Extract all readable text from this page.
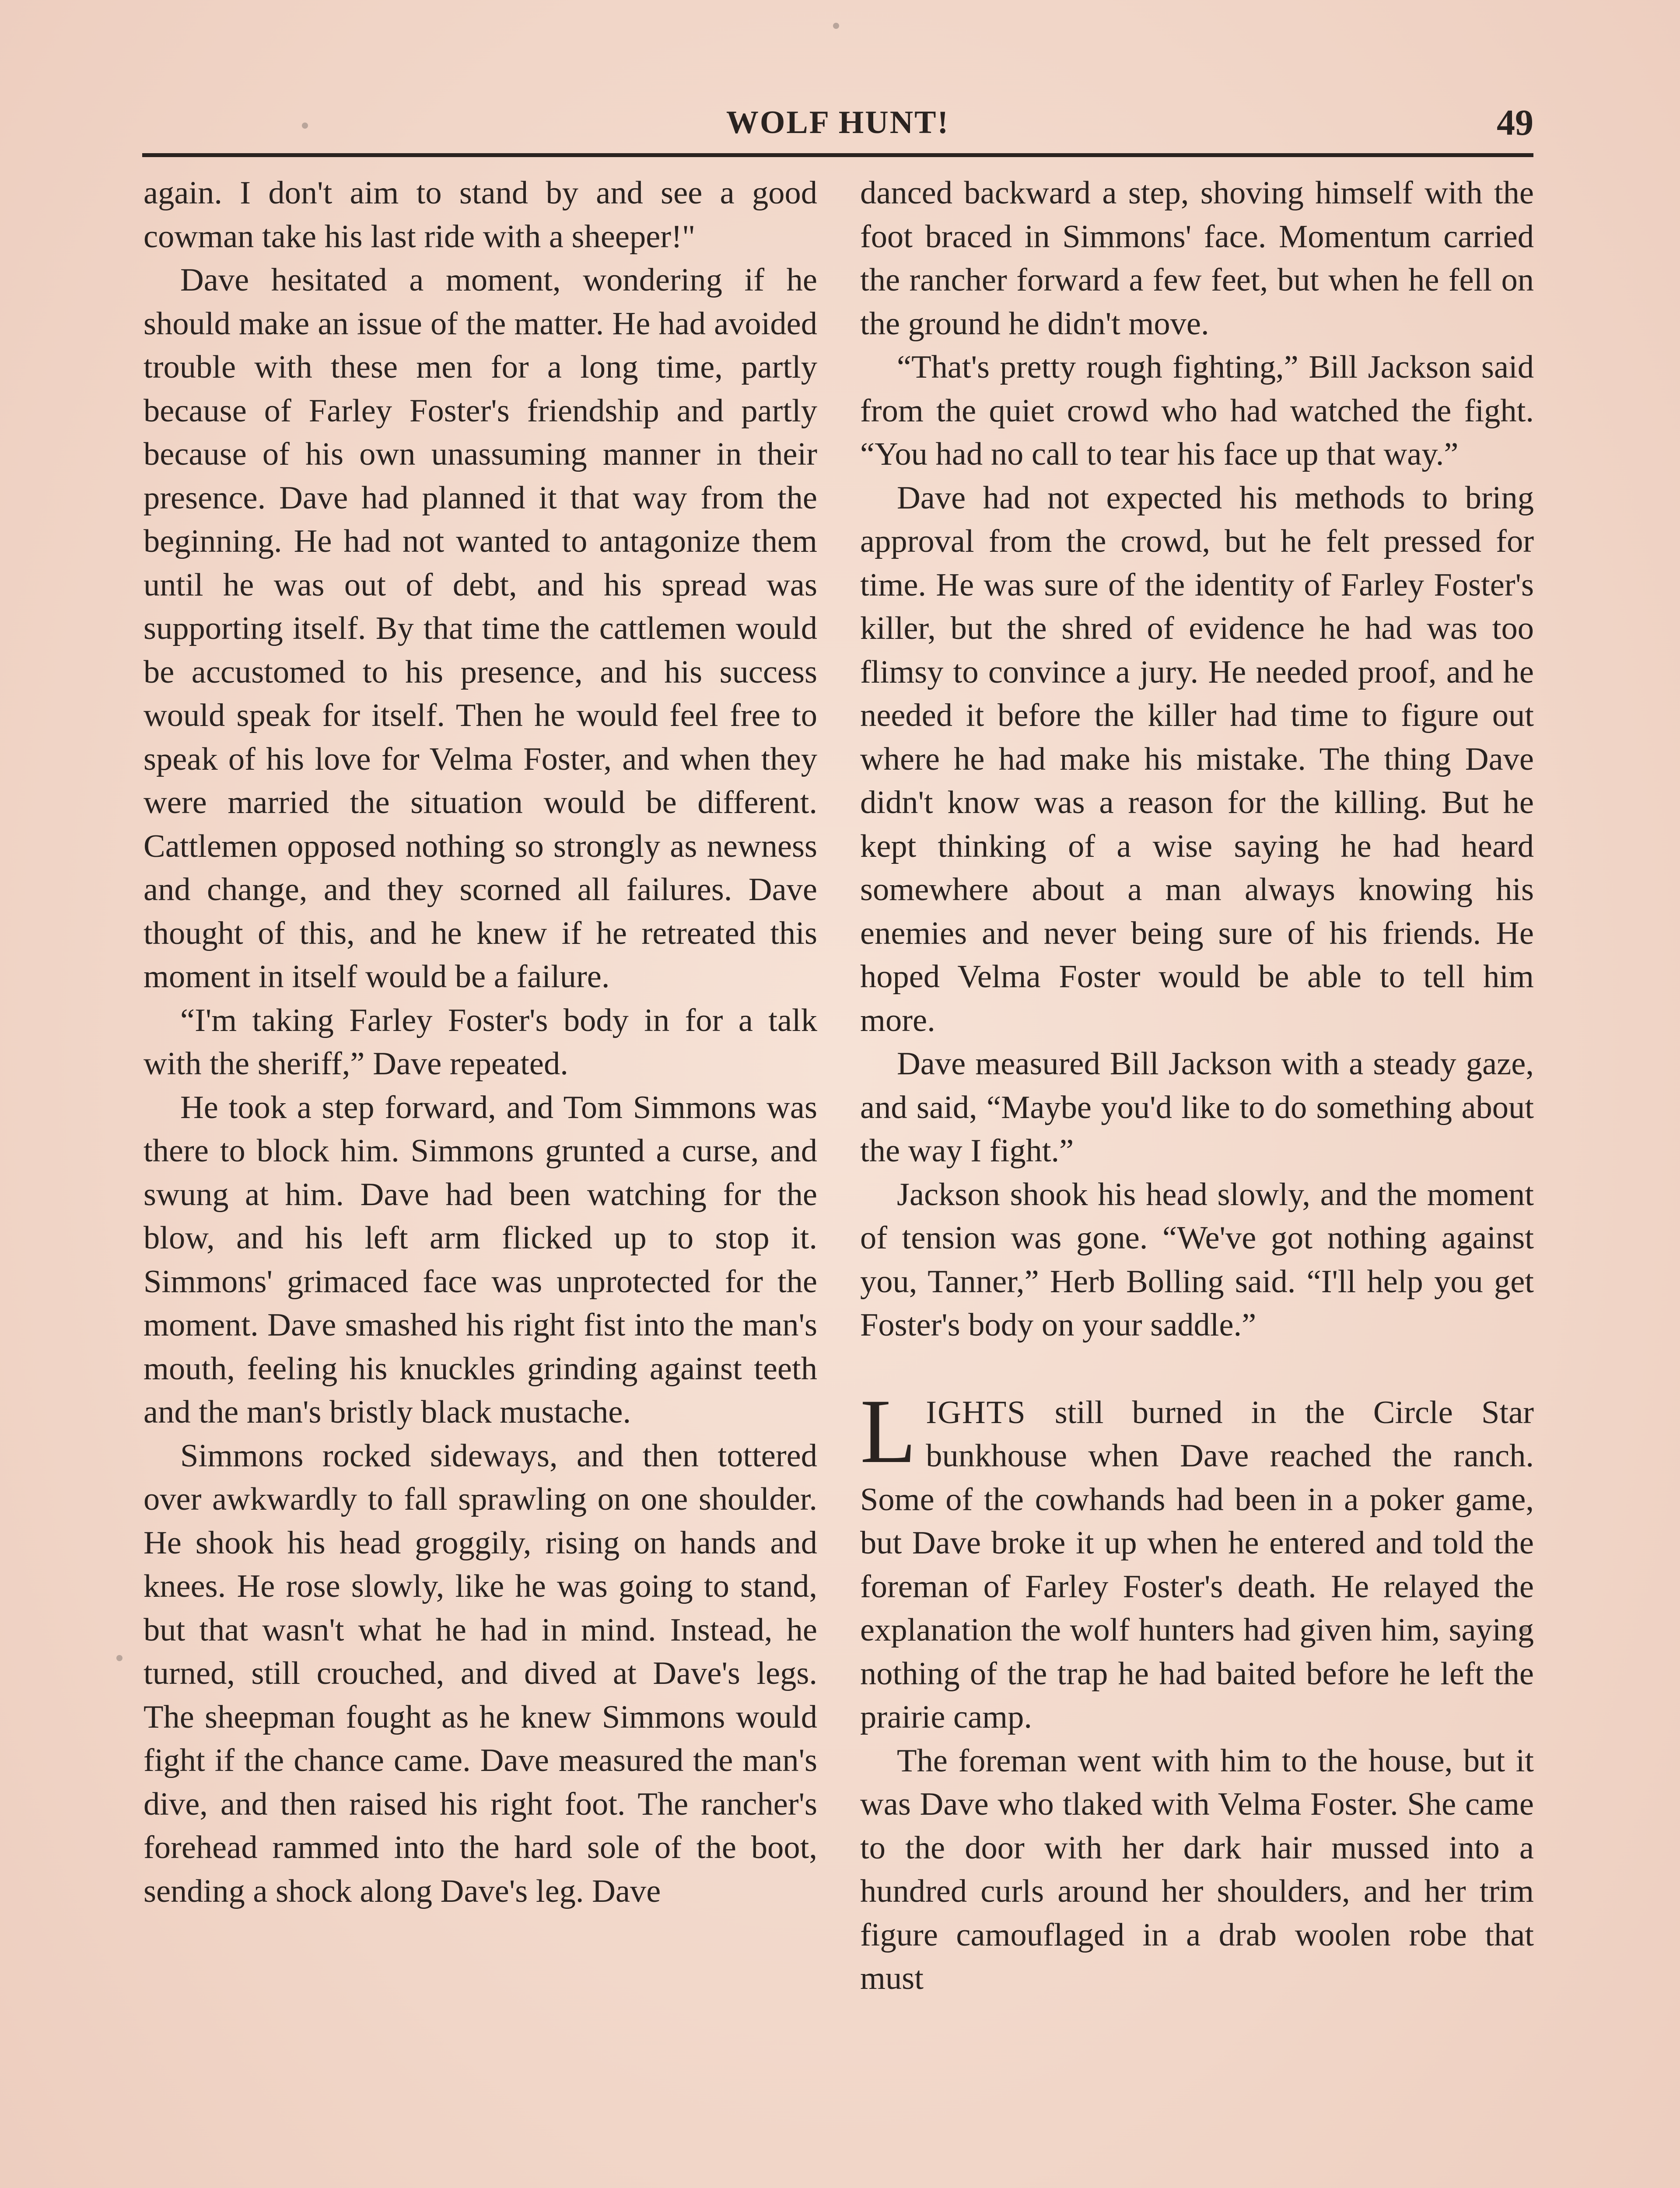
WOLF HUNT!	49

again. I don't aim to stand by and see a good cowman take his last ride with a sheeper!"

Dave hesitated a moment, wondering if he should make an issue of the matter. He had avoided trouble with these men for a long time, partly because of Farley Foster's friendship and partly because of his own unassuming manner in their presence. Dave had planned it that way from the beginning. He had not wanted to antagonize them until he was out of debt, and his spread was supporting itself. By that time the cattlemen would be accustomed to his presence, and his success would speak for itself. Then he would feel free to speak of his love for Velma Foster, and when they were married the situation would be different. Cattlemen opposed nothing so strongly as newness and change, and they scorned all failures. Dave thought of this, and he knew if he retreated this moment in itself would be a failure.

“I'm taking Farley Foster's body in for a talk with the sheriff,” Dave repeated.

He took a step forward, and Tom Simmons was there to block him. Simmons grunted a curse, and swung at him. Dave had been watching for the blow, and his left arm flicked up to stop it. Simmons' grimaced face was unprotected for the moment. Dave smashed his right fist into the man's mouth, feeling his knuckles grinding against teeth and the man's bristly black mustache.

Simmons rocked sideways, and then tottered over awkwardly to fall sprawling on one shoulder. He shook his head groggily, rising on hands and knees. He rose slowly, like he was going to stand, but that wasn't what he had in mind. Instead, he turned, still crouched, and dived at Dave's legs. The sheepman fought as he knew Simmons would fight if the chance came. Dave measured the man's dive, and then raised his right foot. The rancher's forehead rammed into the hard sole of the boot, sending a shock along Dave's leg. Dave

danced backward a step, shoving himself with the foot braced in Simmons' face. Momentum carried the rancher forward a few feet, but when he fell on the ground he didn't move.

“That's pretty rough fighting,” Bill Jackson said from the quiet crowd who had watched the fight. “You had no call to tear his face up that way.”

Dave had not expected his methods to bring approval from the crowd, but he felt pressed for time. He was sure of the identity of Farley Foster's killer, but the shred of evidence he had was too flimsy to convince a jury. He needed proof, and he needed it before the killer had time to figure out where he had make his mistake. The thing Dave didn't know was a reason for the killing. But he kept thinking of a wise saying he had heard somewhere about a man always knowing his enemies and never being sure of his friends. He hoped Velma Foster would be able to tell him more.

Dave measured Bill Jackson with a steady gaze, and said, “Maybe you'd like to do something about the way I fight.”

Jackson shook his head slowly, and the moment of tension was gone. “We've got nothing against you, Tanner,” Herb Bolling said. “I'll help you get Foster's body on your saddle.”

LIGHTS still burned in the Circle Star bunkhouse when Dave reached the ranch. Some of the cowhands had been in a poker game, but Dave broke it up when he entered and told the foreman of Farley Foster's death. He relayed the explanation the wolf hunters had given him, saying nothing of the trap he had baited before he left the prairie camp.

The foreman went with him to the house, but it was Dave who tlaked with Velma Foster. She came to the door with her dark hair mussed into a hundred curls around her shoulders, and her trim figure camouflaged in a drab woolen robe that must
